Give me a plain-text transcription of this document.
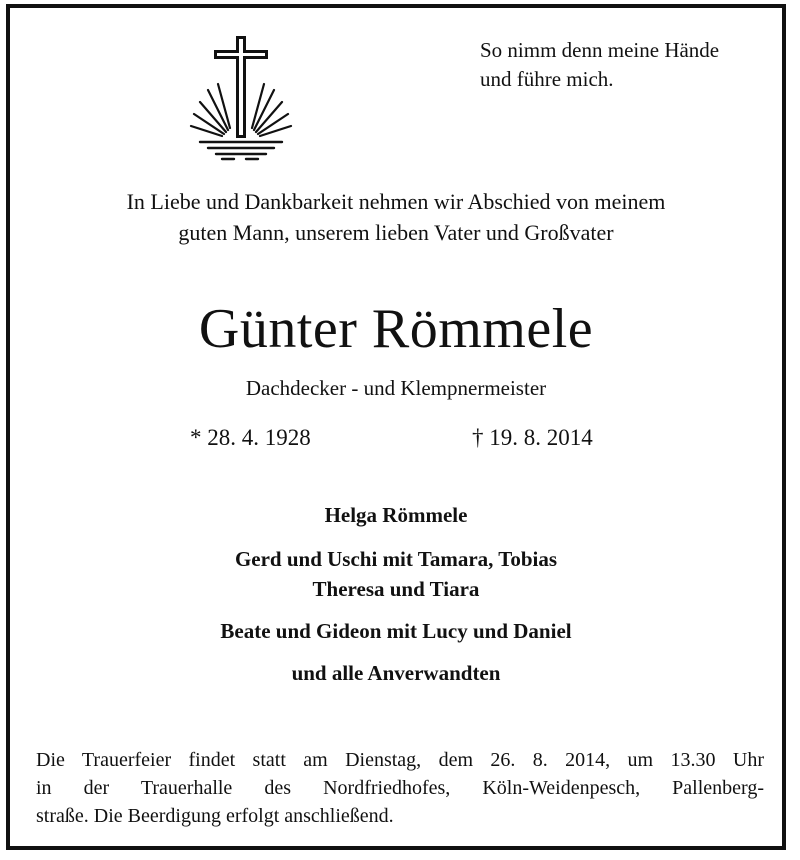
So nimm denn meine Hände
und führe mich.
In Liebe und Dankbarkeit nehmen wir Abschied von meinem
guten Mann, unserem lieben Vater und Großvater
Günter Römmele
Dachdecker - und Klempnermeister
* 28. 4. 1928	† 19. 8. 2014
Helga Römmele
Gerd und Uschi mit Tamara, Tobias
Theresa und Tiara
Beate und Gideon mit Lucy und Daniel
und alle Anverwandten
Die Trauerfeier findet statt am Dienstag, dem 26. 8. 2014, um 13.30 Uhr
in der Trauerhalle des Nordfriedhofes, Köln-Weidenpesch, Pallenberg-
straße. Die Beerdigung erfolgt anschließend.
